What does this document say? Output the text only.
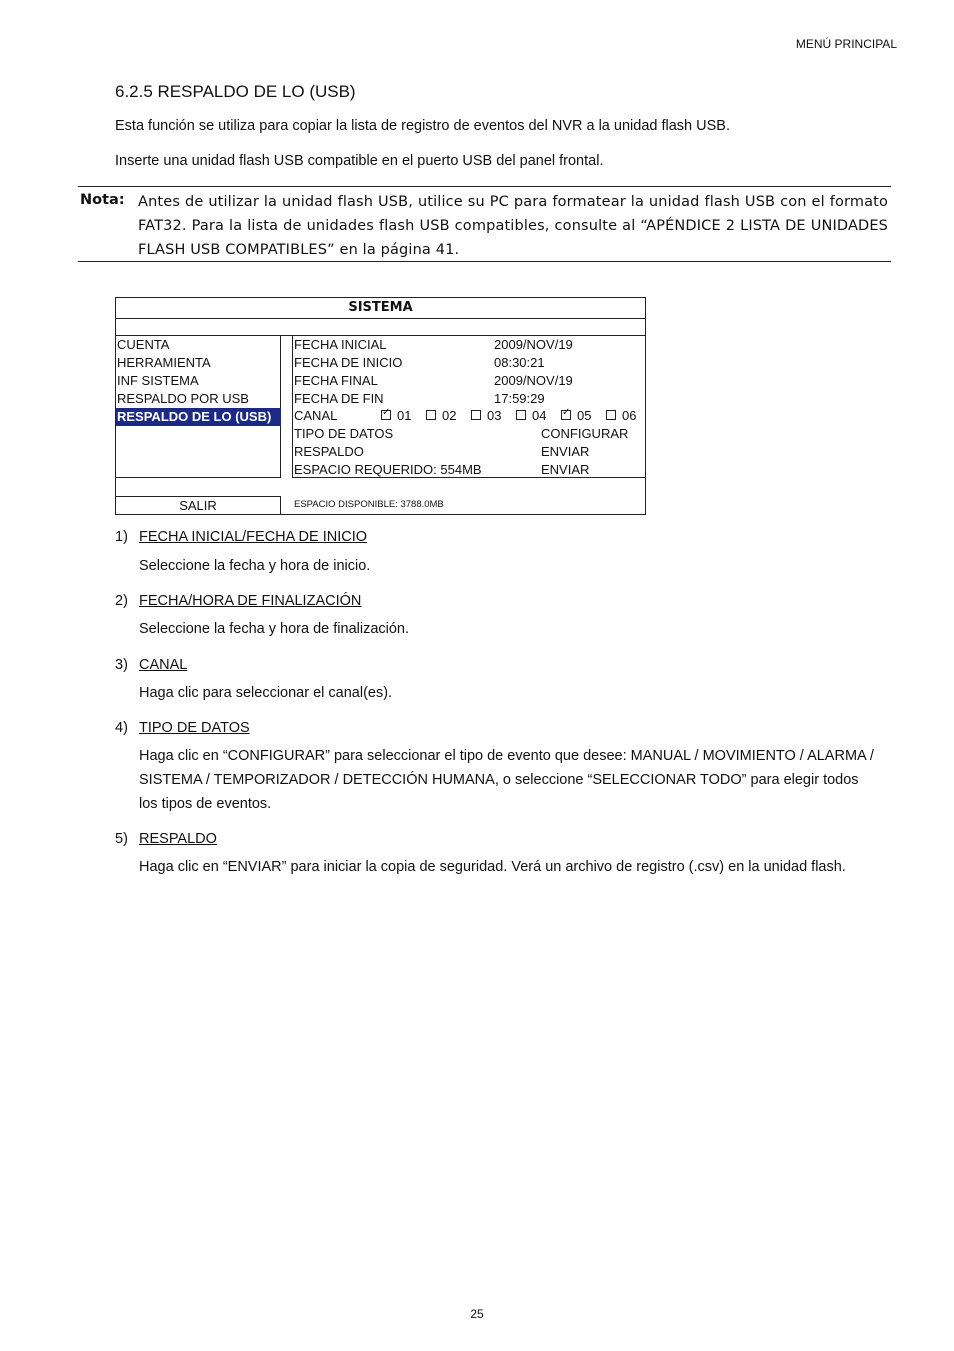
MENÚ PRINCIPAL
6.2.5 RESPALDO DE LO (USB)
Esta función se utiliza para copiar la lista de registro de eventos del NVR a la unidad flash USB.
Inserte una unidad flash USB compatible en el puerto USB del panel frontal.
Nota: Antes de utilizar la unidad flash USB, utilice su PC para formatear la unidad flash USB con el formato FAT32. Para la lista de unidades flash USB compatibles, consulte al “APÉNDICE 2 LISTA DE UNIDADES FLASH USB COMPATIBLES” en la página 41.
SISTEMA
CUENTA
HERRAMIENTA
INF SISTEMA
RESPALDO POR USB
RESPALDO DE LO (USB)
FECHA INICIAL	2009/NOV/19
FECHA DE INICIO	08:30:21
FECHA FINAL	2009/NOV/19
FECHA DE FIN	17:59:29
CANAL ✓	01	02	03	04 ✓	05	06
TIPO DE DATOS	CONFIGURAR
RESPALDO	ENVIAR
ESPACIO REQUERIDO: 554MB	ENVIAR
SALIR	ESPACIO DISPONIBLE: 3788.0MB
1) FECHA INICIAL/FECHA DE INICIO
Seleccione la fecha y hora de inicio.
2) FECHA/HORA DE FINALIZACIÓN
Seleccione la fecha y hora de finalización.
3) CANAL
Haga clic para seleccionar el canal(es).
4) TIPO DE DATOS
Haga clic en “CONFIGURAR” para seleccionar el tipo de evento que desee: MANUAL / MOVIMIENTO / ALARMA / SISTEMA / TEMPORIZADOR / DETECCIÓN HUMANA, o seleccione “SELECCIONAR TODO” para elegir todos los tipos de eventos.
5) RESPALDO
Haga clic en “ENVIAR” para iniciar la copia de seguridad. Verá un archivo de registro (.csv) en la unidad flash.
25
